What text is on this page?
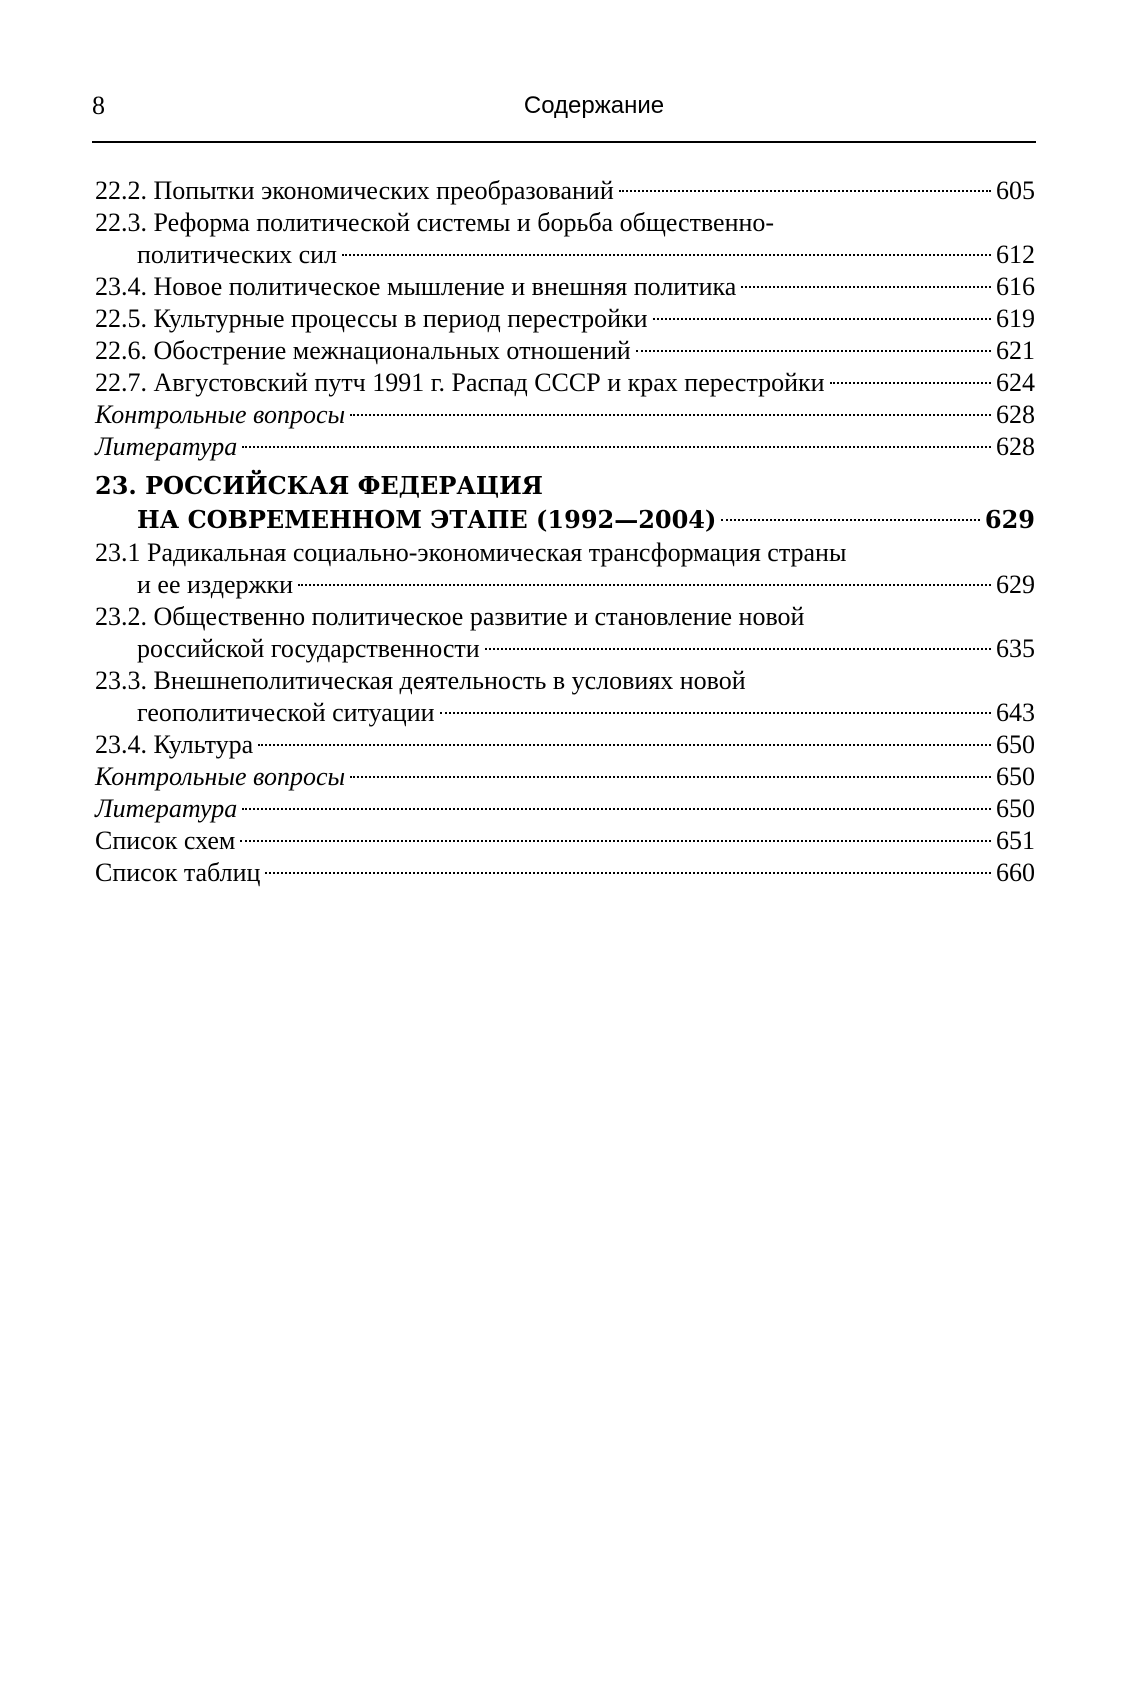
8	Содержание
22.2. Попытки экономических преобразований	605
22.3. Реформа политической системы и борьба общественно-
политических сил	612
23.4. Новое политическое мышление и внешняя политика	616
22.5. Культурные процессы в период перестройки	619
22.6. Обострение межнациональных отношений	621
22.7. Августовский путч 1991 г. Распад СССР и крах перестройки	624
Контрольные вопросы	628
Литература	628
23. РОССИЙСКАЯ ФЕДЕРАЦИЯ
НА СОВРЕМЕННОМ ЭТАПЕ (1992—2004)	629
23.1 Радикальная социально-экономическая трансформация страны
и ее издержки	629
23.2. Общественно политическое развитие и становление новой
российской государственности	635
23.3. Внешнеполитическая деятельность в условиях новой
геополитической ситуации	643
23.4. Культура	650
Контрольные вопросы	650
Литература	650
Список схем	651
Список таблиц	660
